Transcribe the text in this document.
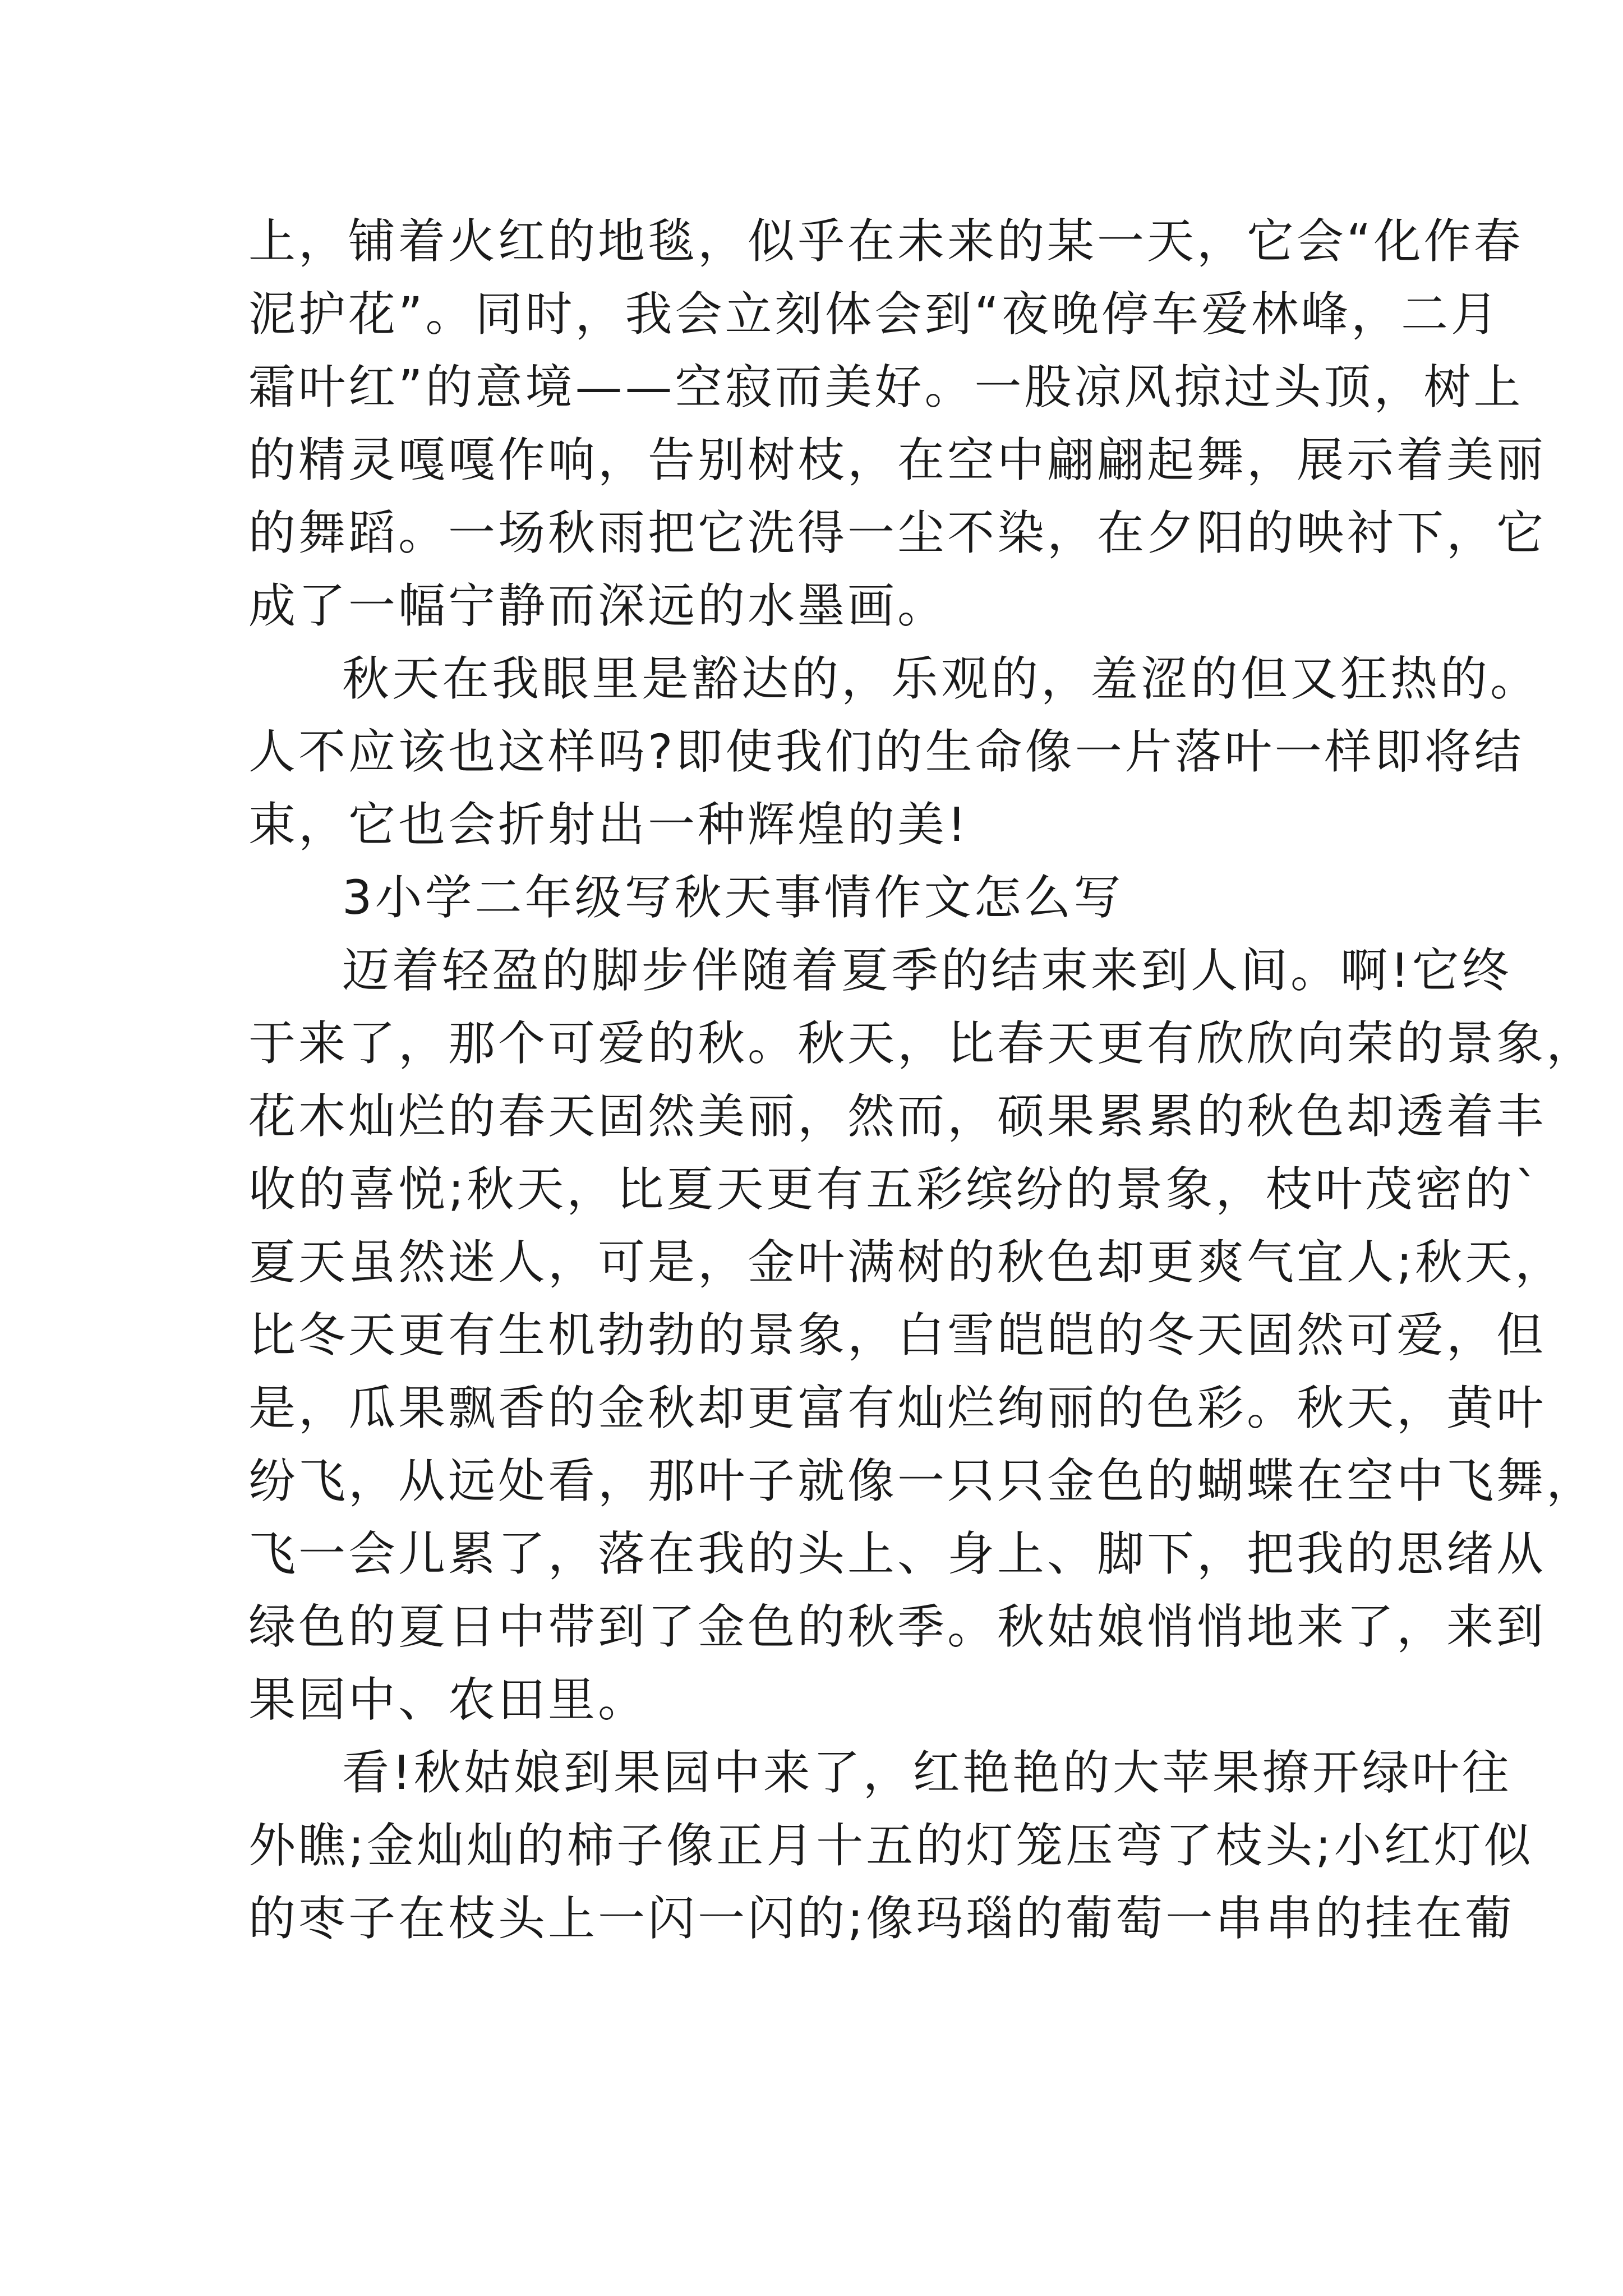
上，铺着火红的地毯，似乎在未来的某一天，它会“化作春
泥护花”。同时，我会立刻体会到“夜晚停车爱林峰，二月
霜叶红”的意境——空寂而美好。一股凉风掠过头顶，树上
的精灵嘎嘎作响，告别树枝，在空中翩翩起舞，展示着美丽
的舞蹈。一场秋雨把它洗得一尘不染，在夕阳的映衬下，它
成了一幅宁静而深远的水墨画。
秋天在我眼里是豁达的，乐观的，羞涩的但又狂热的。
人不应该也这样吗?即使我们的生命像一片落叶一样即将结
束，它也会折射出一种辉煌的美!
3小学二年级写秋天事情作文怎么写
迈着轻盈的脚步伴随着夏季的结束来到人间。啊!它终
于来了，那个可爱的秋。秋天，比春天更有欣欣向荣的景象，
花木灿烂的春天固然美丽，然而，硕果累累的秋色却透着丰
收的喜悦;秋天，比夏天更有五彩缤纷的景象，枝叶茂密的`
夏天虽然迷人，可是，金叶满树的秋色却更爽气宜人;秋天，
比冬天更有生机勃勃的景象，白雪皑皑的冬天固然可爱，但
是，瓜果飘香的金秋却更富有灿烂绚丽的色彩。秋天，黄叶
纷飞，从远处看，那叶子就像一只只金色的蝴蝶在空中飞舞，
飞一会儿累了，落在我的头上、身上、脚下，把我的思绪从
绿色的夏日中带到了金色的秋季。秋姑娘悄悄地来了，来到
果园中、农田里。
看!秋姑娘到果园中来了，红艳艳的大苹果撩开绿叶往
外瞧;金灿灿的柿子像正月十五的灯笼压弯了枝头;小红灯似
的枣子在枝头上一闪一闪的;像玛瑙的葡萄一串串的挂在葡
